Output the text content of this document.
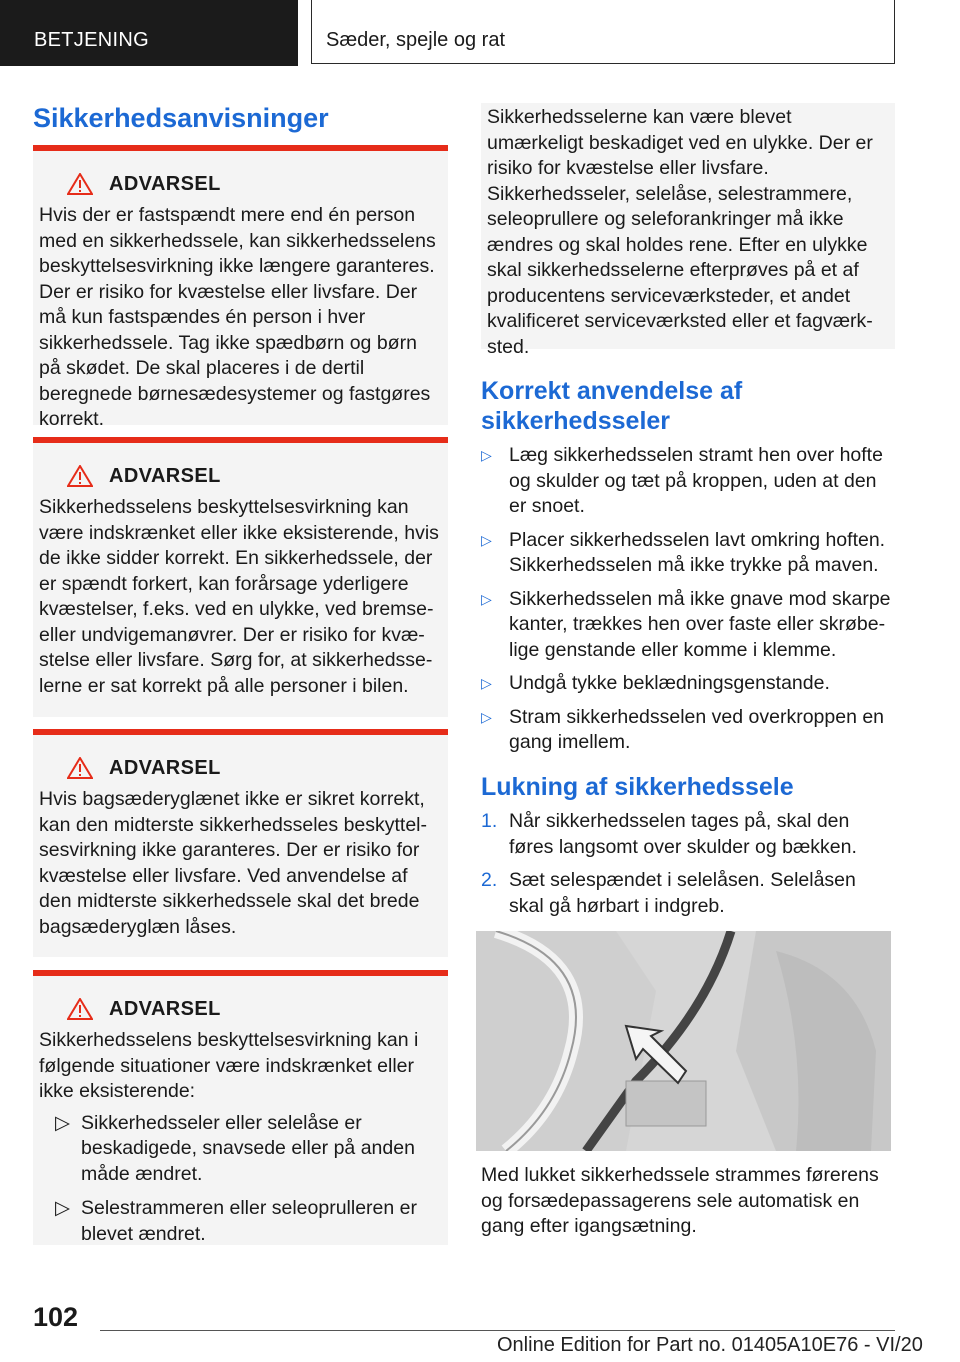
BETJENING	Sæder, spejle og rat
Sikkerhedsanvisninger
ADVARSEL

Hvis der er fastspændt mere end én person med en sikkerhedssele, kan sikkerhedsselens beskyttelsesvirkning ikke længere garanteres. Der er risiko for kvæstelse eller livsfare. Der må kun fastspændes én person i hver sikkerhedssele. Tag ikke spædbørn og børn på skødet. De skal placeres i de dertil beregnede børnesædesystemer og fastgøres korrekt.

ADVARSEL

Sikkerhedsselens beskyttelsesvirkning kan være indskrænket eller ikke eksisterende, hvis de ikke sidder korrekt. En sikkerhedssele, der er spændt forkert, kan forårsage yderligere kvæstelser, f.eks. ved en ulykke, ved bremseeller undvigemanøvrer. Der er risiko for kvæstelse eller livsfare. Sørg for, at sikkerhedsselerne er sat korrekt på alle personer i bilen.

ADVARSEL

Hvis bagsæderyglænet ikke er sikret korrekt, kan den midterste sikkerhedsseles beskyttelsesvirkning ikke garanteres. Der er risiko for kvæstelse eller livsfare. Ved anvendelse af den midterste sikkerhedssele skal det brede bagsæderyglæn låses.

ADVARSEL

Sikkerhedsselens beskyttelsesvirkning kan i følgende situationer være indskrænket eller ikke eksisterende:

▷ Sikkerhedsseler eller selelåse er beskadigede, snavsede eller på anden måde ændret.
▷ Selestrammeren eller seleoprulleren er blevet ændret.
Sikkerhedsselerne kan være blevet umærkeligt beskadiget ved en ulykke. Der er risiko for kvæstelse eller livsfare. Sikkerhedsseler, selelåse, selestrammere, seleoprullere og seleforankringer må ikke ændres og skal holdes rene. Efter en ulykke skal sikkerhedsselerne efterprøves på et af producentens serviceværksteder, et andet kvalificeret serviceværksted eller et fagværksted.
Korrekt anvendelse af sikkerhedsseler
▷ Læg sikkerhedsselen stramt hen over hofte og skulder og tæt på kroppen, uden at den er snoet.
▷ Placer sikkerhedsselen lavt omkring hoften. Sikkerhedsselen må ikke trykke på maven.
▷ Sikkerhedsselen må ikke gnave mod skarpe kanter, trækkes hen over faste eller skrøbelige genstande eller komme i klemme.
▷ Undgå tykke beklædningsgenstande.
▷ Stram sikkerhedsselen ved overkroppen en gang imellem.
Lukning af sikkerhedssele
1. Når sikkerhedsselen tages på, skal den føres langsomt over skulder og bækken.
2. Sæt selespændet i selelåsen. Selelåsen skal gå hørbart i indgreb.
Med lukket sikkerhedssele strammes førerens og forsædepassagerens sele automatisk en gang efter igangsætning.
102
Online Edition for Part no. 01405A10E76 - VI/20
